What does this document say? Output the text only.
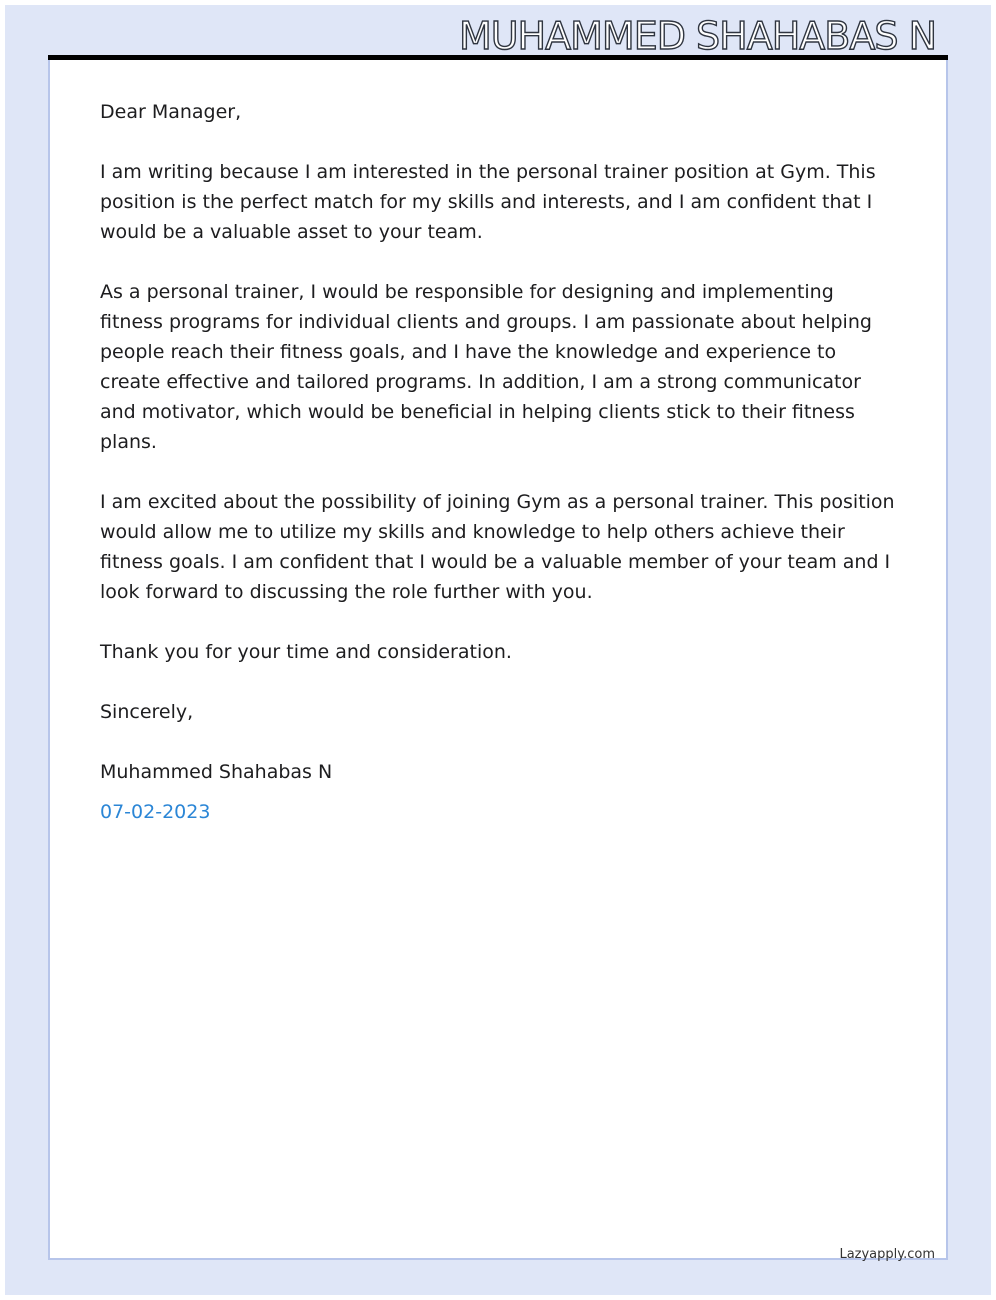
MUHAMMED SHAHABAS N

Dear Manager,

I am writing because I am interested in the personal trainer position at Gym. This position is the perfect match for my skills and interests, and I am confident that I would be a valuable asset to your team.

As a personal trainer, I would be responsible for designing and implementing fitness programs for individual clients and groups. I am passionate about helping people reach their fitness goals, and I have the knowledge and experience to create effective and tailored programs. In addition, I am a strong communicator and motivator, which would be beneficial in helping clients stick to their fitness plans.

I am excited about the possibility of joining Gym as a personal trainer. This position would allow me to utilize my skills and knowledge to help others achieve their fitness goals. I am confident that I would be a valuable member of your team and I look forward to discussing the role further with you.

Thank you for your time and consideration.

Sincerely,

Muhammed Shahabas N

07-02-2023

Lazyapply.com
